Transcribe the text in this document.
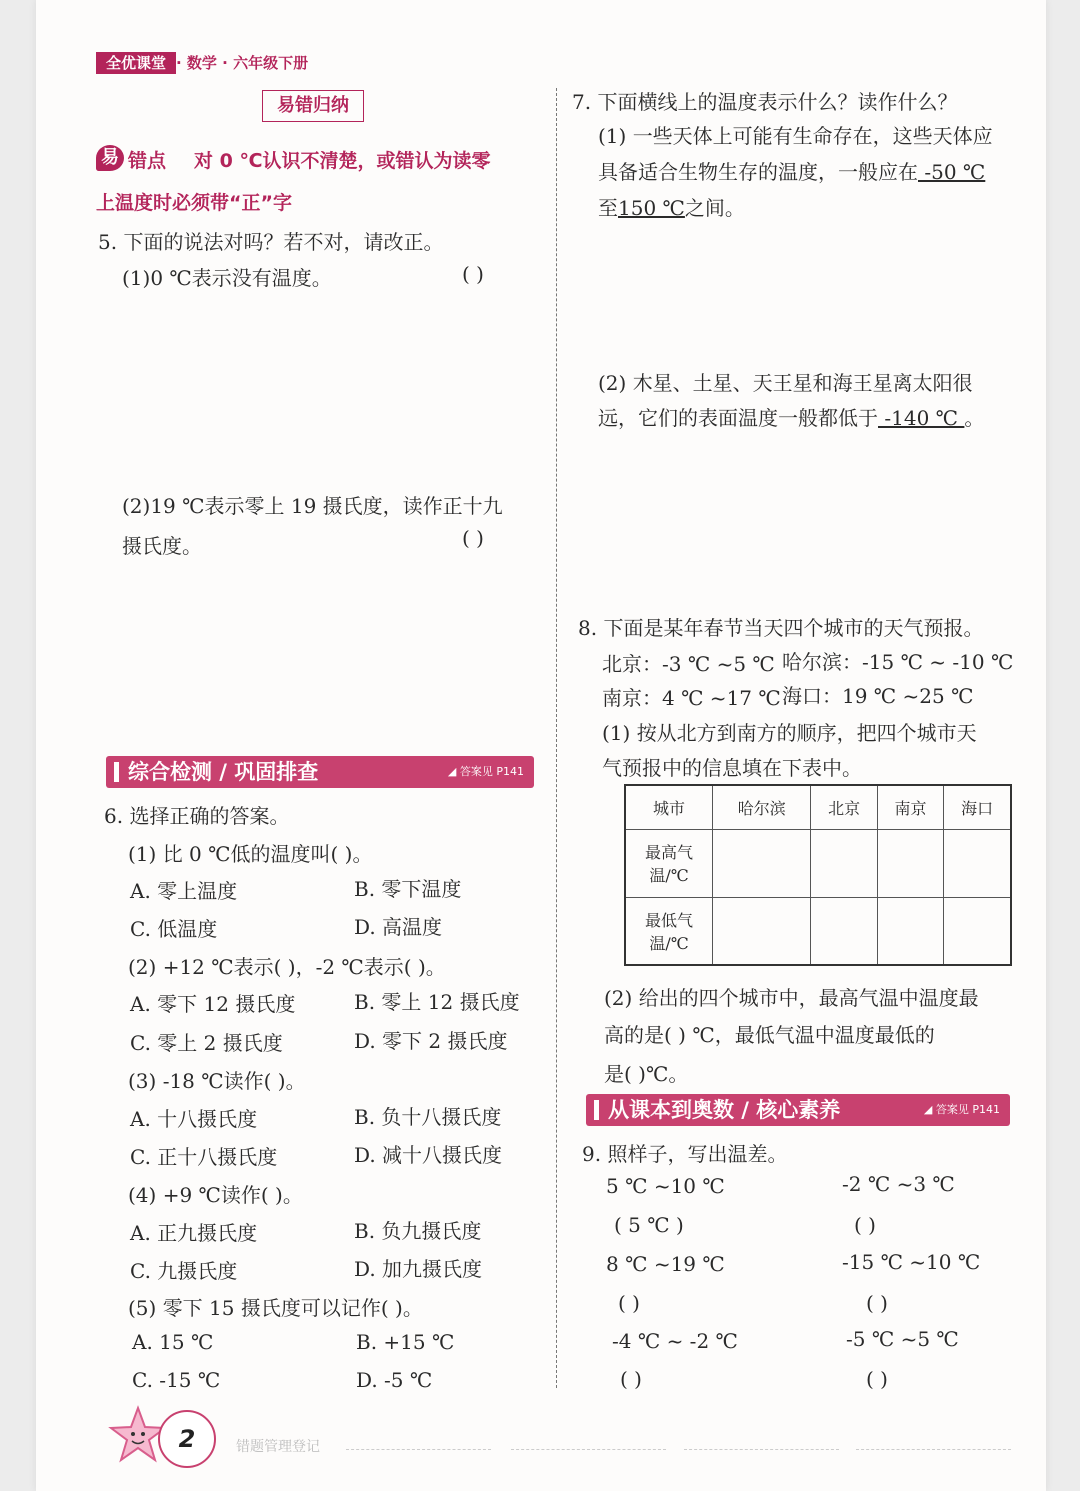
全优课堂 · 数学 · 六年级下册
易错归纳
易 错点 对 0 ℃认识不清楚，或错认为读零
上温度时必须带“正”字
5. 下面的说法对吗？若不对，请改正。
(1)0 ℃表示没有温度。	( )
(2)19 ℃表示零上 19 摄氏度，读作正十九
摄氏度。	( )
综合检测 / 巩固排查	◢ 答案见 P141
6. 选择正确的答案。
(1) 比 0 ℃低的温度叫( )。
A. 零上温度	B. 零下温度
C. 低温度	D. 高温度
(2) +12 ℃表示( )，-2 ℃表示( )。
A. 零下 12 摄氏度	B. 零上 12 摄氏度
C. 零上 2 摄氏度	D. 零下 2 摄氏度
(3) -18 ℃读作( )。
A. 十八摄氏度	B. 负十八摄氏度
C. 正十八摄氏度	D. 减十八摄氏度
(4) +9 ℃读作( )。
A. 正九摄氏度	B. 负九摄氏度
C. 九摄氏度	D. 加九摄氏度
(5) 零下 15 摄氏度可以记作( )。
A. 15 ℃	B. +15 ℃
C. -15 ℃	D. -5 ℃
7. 下面横线上的温度表示什么？读作什么？
(1) 一些天体上可能有生命存在，这些天体应
具备适合生物生存的温度，一般应在 -50 ℃
至150 ℃之间。
(2) 木星、土星、天王星和海王星离太阳很
远，它们的表面温度一般都低于 -140 ℃ 。
8. 下面是某年春节当天四个城市的天气预报。
北京：-3 ℃ ~5 ℃ 哈尔滨：-15 ℃ ~ -10 ℃
南京：4 ℃ ~17 ℃ 海口：19 ℃ ~25 ℃
(1) 按从北方到南方的顺序，把四个城市天
气预报中的信息填在下表中。
城市	哈尔滨	北京	南京	海口

最高气
温/℃				

最低气
温/℃				

(2) 给出的四个城市中，最高气温中温度最
高的是( ) ℃，最低气温中温度最低的
是( )℃。
从课本到奥数 / 核心素养	◢ 答案见 P141
9. 照样子，写出温差。
5 ℃ ~10 ℃
( 5 ℃ )
-2 ℃ ~3 ℃
( )
8 ℃ ~19 ℃
( )
-15 ℃ ~10 ℃
( )
-4 ℃ ~ -2 ℃
( )
-5 ℃ ~5 ℃
( )
2	错题管理登记
